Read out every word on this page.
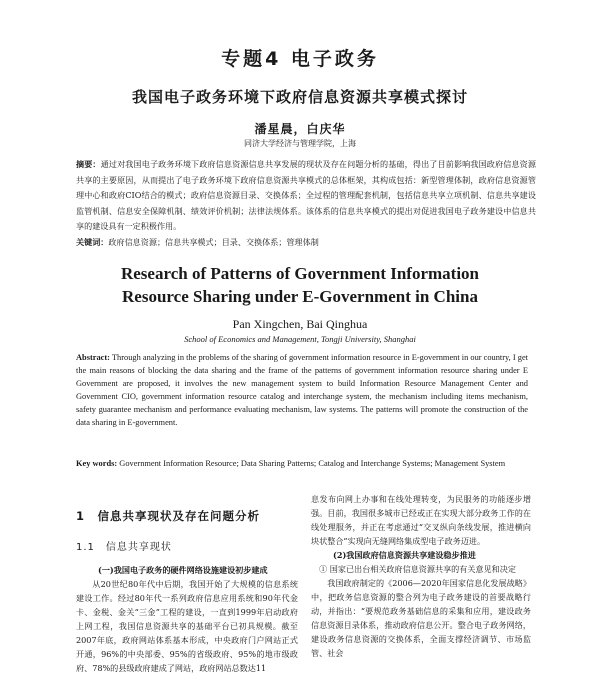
专题4 电子政务
我国电子政务环境下政府信息资源共享模式探讨
潘星晨，白庆华
同济大学经济与管理学院，上海
摘要：通过对我国电子政务环境下政府信息资源信息共享发展的现状及存在问题分析的基础，得出了目前影响我国政府信息资源共享的主要原因，从而提出了电子政务环境下政府信息资源共享模式的总体框架，其构成包括：新型管理体制，政府信息资源管理中心和政府CIO结合的模式；政府信息资源目录、交换体系；全过程的管理配套机制，包括信息共享立项机制、信息共享建设监管机制、信息安全保障机制、绩效评价机制；法律法规体系。该体系的信息共享模式的提出对促进我国电子政务建设中信息共享的建设具有一定积极作用。
关键词：政府信息资源；信息共享模式；目录、交换体系；管理体制
Research of Patterns of Government Information
Resource Sharing under E-Government in China
Pan Xingchen, Bai Qinghua
School of Economics and Management, Tongji University, Shanghai
Abstract: Through analyzing in the problems of the sharing of government information resource in E-government in our country, I get the main reasons of blocking the data sharing and the frame of the patterns of government information resource sharing under E Government are proposed, it involves the new management system to build Information Resource Management Center and Government CIO, government information resource catalog and interchange system, the mechanism including items mechanism, safety guarantee mechanism and performance evaluating mechanism, law systems. The patterns will promote the construction of the data sharing in E-government.
Key words: Government Information Resource; Data Sharing Patterns; Catalog and Interchange Systems; Management System
1　信息共享现状及存在问题分析
1.1　信息共享现状
(一)我国电子政务的硬件网络设施建设初步建成

从20世纪80年代中后期，我国开始了大规模的信息系统建设工作。经过80年代一系列政府信息应用系统和90年代金卡、金税、金关“三金”工程的建设，一直到1999年启动政府上网工程，我国信息资源共享的基础平台已初具规模。截至2007年底，政府网站体系基本形成，中央政府门户网站正式开通，96%的中央部委、95%的省级政府、95%的地市级政府、78%的县级政府建成了网站，政府网站总数达11

息发布向网上办事和在线处理转变，为民服务的功能逐步增强。目前，我国很多城市已经或正在实现大部分政务工作的在线处理服务，并正在考虑通过“交叉纵向条线发展，推进横向块状整合”实现向无缝网络集成型电子政务迈进。

(2)我国政府信息资源共享建设稳步推进

① 国家已出台相关政府信息资源共享的有关意见和决定

我国政府制定的《2006—2020年国家信息化发展战略》中，把政务信息资源的整合列为电子政务建设的首要战略行动，并指出：“要规范政务基础信息的采集和应用，建设政务信息资源目录体系，推动政府信息公开。整合电子政务网络，建设政务信息资源的交换体系，全面支撑经济调节、市场监管、社会
